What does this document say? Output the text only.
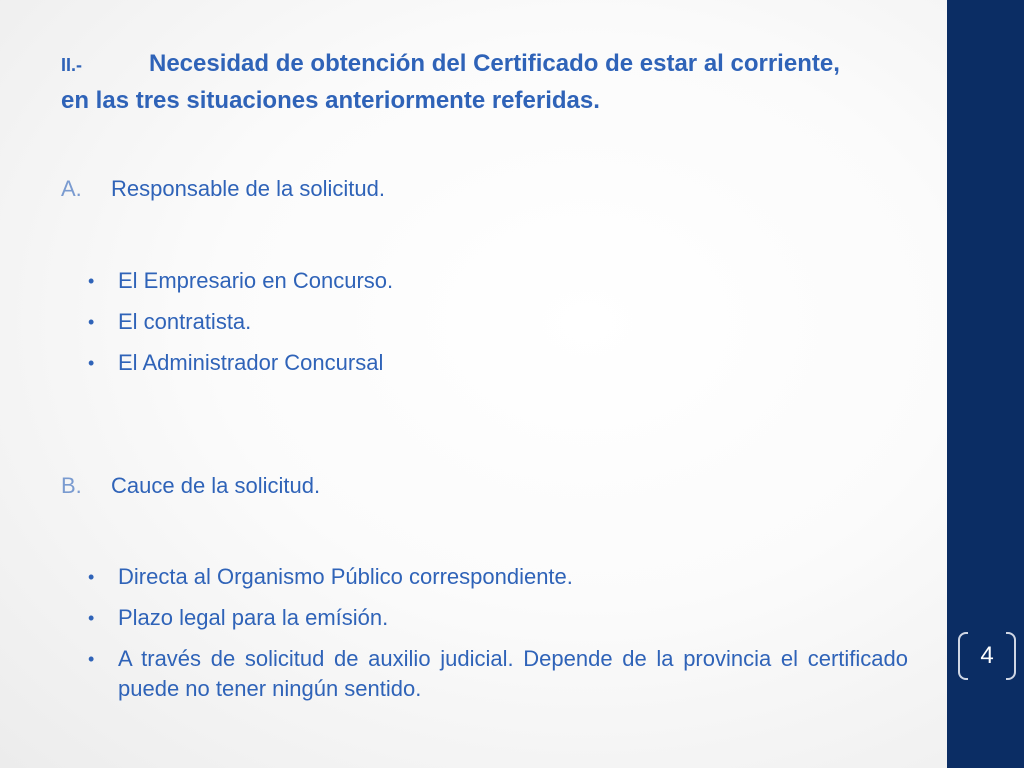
II.-	Necesidad de obtención del Certificado de estar al corriente, en las tres situaciones anteriormente referidas.
A. Responsable de la solicitud.
• El Empresario en Concurso.
• El contratista.
• El Administrador Concursal
B. Cauce de la solicitud.
• Directa al Organismo Público correspondiente.
• Plazo legal para la emísión.
• A través de solicitud de auxilio judicial. Depende de la provincia el certificado puede no tener ningún sentido.
4
